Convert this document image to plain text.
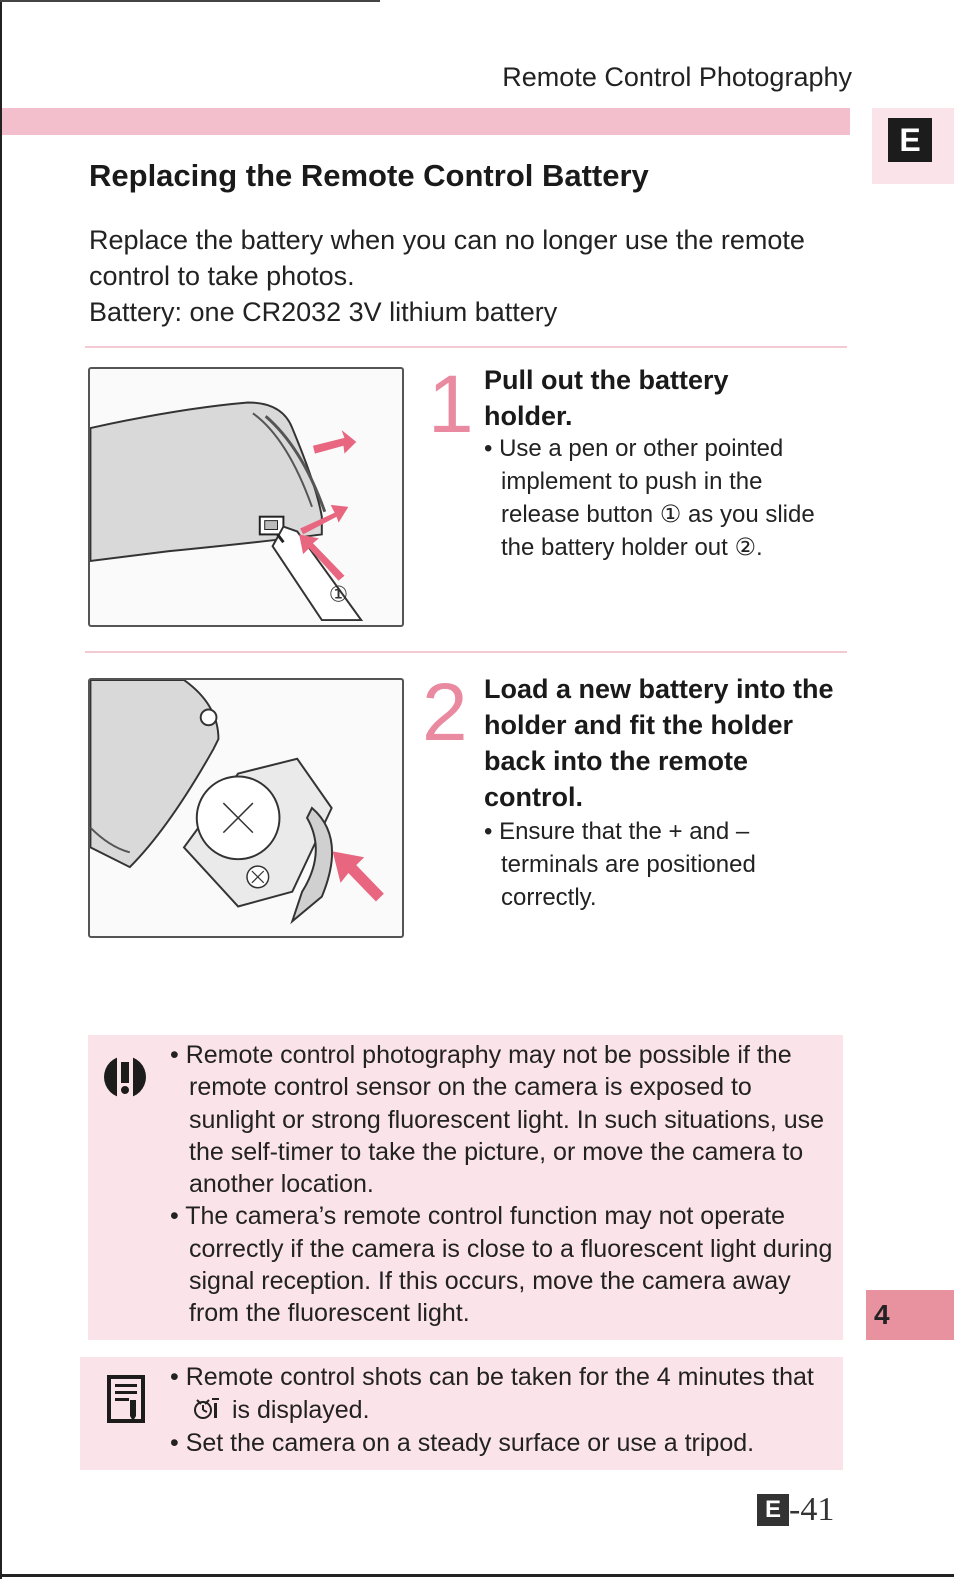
Remote Control Photography
E
Replacing the Remote Control Battery

Replace the battery when you can no longer use the remote control to take photos.

Battery: one CR2032 3V lithium battery

①
1 Pull out the battery holder.
• Use a pen or other pointed implement to push in the release button ① as you slide the battery holder out ②.
2 Load a new battery into the holder and fit the holder back into the remote control.
• Ensure that the + and – terminals are positioned correctly.
• Remote control photography may not be possible if the remote control sensor on the camera is exposed to sunlight or strong fluorescent light. In such situations, use the self-timer to take the picture, or move the camera to another location.
• The camera’s remote control function may not operate correctly if the camera is close to a fluorescent light during signal reception. If this occurs, move the camera away from the fluorescent light.
• Remote control shots can be taken for the 4 minutes that  is displayed.
• Set the camera on a steady surface or use a tripod.
4
E -41
